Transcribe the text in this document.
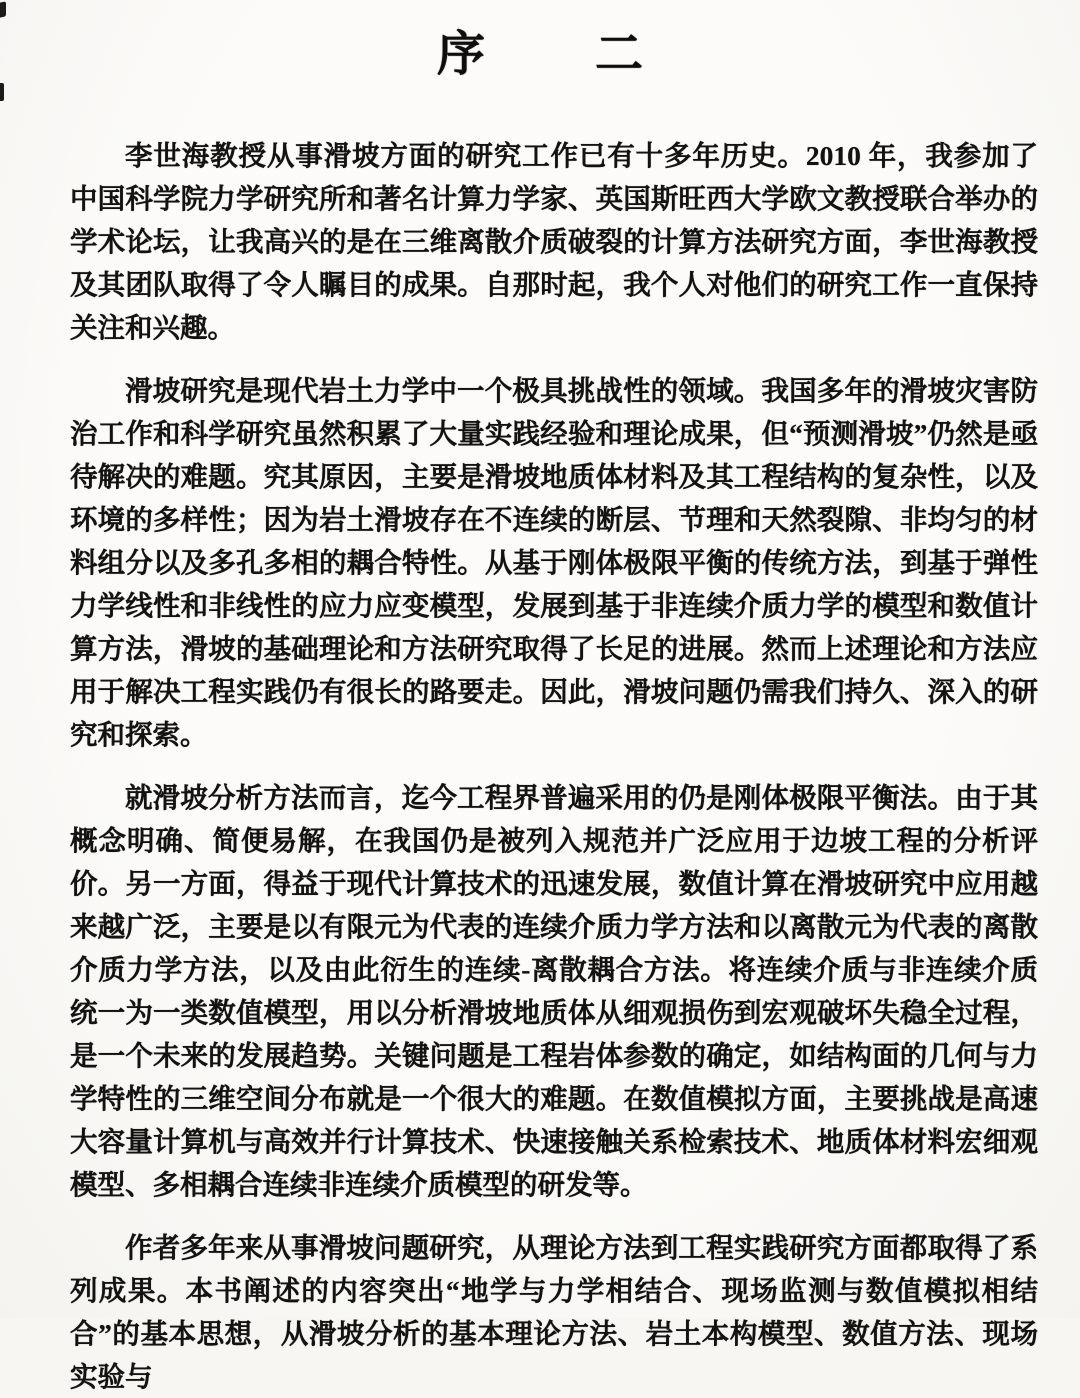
序 二

李世海教授从事滑坡方面的研究工作已有十多年历史。2010 年，我参加了中国科学院力学研究所和著名计算力学家、英国斯旺西大学欧文教授联合举办的学术论坛，让我高兴的是在三维离散介质破裂的计算方法研究方面，李世海教授及其团队取得了令人瞩目的成果。自那时起，我个人对他们的研究工作一直保持关注和兴趣。

滑坡研究是现代岩土力学中一个极具挑战性的领域。我国多年的滑坡灾害防治工作和科学研究虽然积累了大量实践经验和理论成果，但“预测滑坡”仍然是亟待解决的难题。究其原因，主要是滑坡地质体材料及其工程结构的复杂性，以及环境的多样性；因为岩土滑坡存在不连续的断层、节理和天然裂隙、非均匀的材料组分以及多孔多相的耦合特性。从基于刚体极限平衡的传统方法，到基于弹性力学线性和非线性的应力应变模型，发展到基于非连续介质力学的模型和数值计算方法，滑坡的基础理论和方法研究取得了长足的进展。然而上述理论和方法应用于解决工程实践仍有很长的路要走。因此，滑坡问题仍需我们持久、深入的研究和探索。

就滑坡分析方法而言，迄今工程界普遍采用的仍是刚体极限平衡法。由于其概念明确、简便易解，在我国仍是被列入规范并广泛应用于边坡工程的分析评价。另一方面，得益于现代计算技术的迅速发展，数值计算在滑坡研究中应用越来越广泛，主要是以有限元为代表的连续介质力学方法和以离散元为代表的离散介质力学方法，以及由此衍生的连续-离散耦合方法。将连续介质与非连续介质统一为一类数值模型，用以分析滑坡地质体从细观损伤到宏观破坏失稳全过程，是一个未来的发展趋势。关键问题是工程岩体参数的确定，如结构面的几何与力学特性的三维空间分布就是一个很大的难题。在数值模拟方面，主要挑战是高速大容量计算机与高效并行计算技术、快速接触关系检索技术、地质体材料宏细观模型、多相耦合连续非连续介质模型的研发等。

作者多年来从事滑坡问题研究，从理论方法到工程实践研究方面都取得了系列成果。本书阐述的内容突出“地学与力学相结合、现场监测与数值模拟相结合”的基本思想，从滑坡分析的基本理论方法、岩土本构模型、数值方法、现场实验与
